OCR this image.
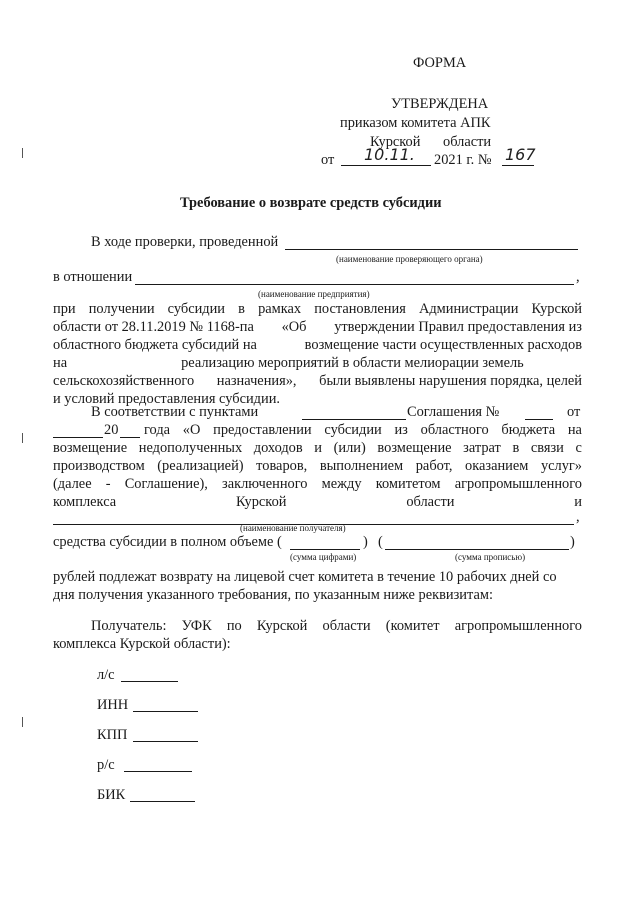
ФОРМА
УТВЕРЖДЕНА
приказом комитета АПК
Курской области
от 10.11. 2021 г. № 167
Требование о возврате средств субсидии
В ходе проверки, проведенной
(наименование проверяющего органа)
в отношении	,
(наименование предприятия)
при получении субсидии в рамках постановления Администрации Курской
области от 28.11.2019 № 1168-па «Об утверждении Правил предоставления из
областного бюджета субсидий на	возмещение части осуществленных расходов
на	реализацию мероприятий в области мелиорации земель
сельскохозяйственного назначения», были выявлены нарушения порядка, целей
и условий предоставления субсидии.
В соответствии с пунктами	Соглашения №	от
20 года «О предоставлении субсидии из областного бюджета на
возмещение недополученных доходов и (или) возмещение затрат в связи с
производством (реализацией) товаров, выполнением работ, оказанием услуг»
(далее - Соглашение), заключенного между комитетом агропромышленного
комплекса	Курской	области	и
,
(наименование получателя)
средства субсидии в полном объеме (	) (	)
(сумма цифрами)	(сумма прописью)
рублей подлежат возврату на лицевой счет комитета в течение 10 рабочих дней со
дня получения указанного требования, по указанным ниже реквизитам:
Получатель: УФК по Курской области (комитет агропромышленного
комплекса Курской области):
л/с
ИНН
КПП
р/с
БИК
